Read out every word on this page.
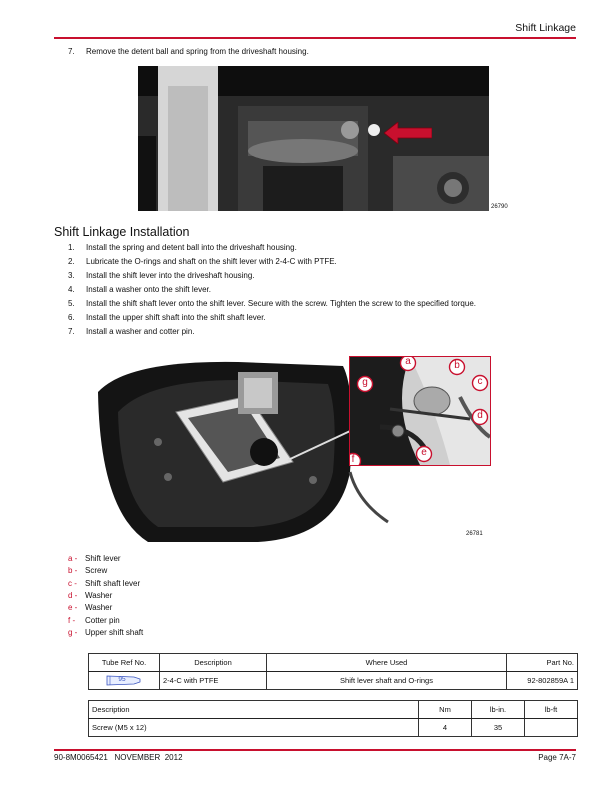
Shift Linkage
7. Remove the detent ball and spring from the driveshaft housing.
26790
Shift Linkage Installation
1. Install the spring and detent ball into the driveshaft housing.
2. Lubricate the O-rings and shaft on the shift lever with 2-4-C with PTFE.
3. Install the shift lever into the driveshaft housing.
4. Install a washer onto the shift lever.
5. Install the shift shaft lever onto the shift lever. Secure with the screw. Tighten the screw to the specified torque.
6. Install the upper shift shaft into the shift shaft lever.
7. Install a washer and cotter pin.
a	b
c
d
e
f
g
26781
a - Shift lever
b - Screw
c - Shift shaft lever
d - Washer
e - Washer
f - Cotter pin
g - Upper shift shaft
Tube Ref No.	Description	Where Used	Part No.

95	2-4-C with PTFE	Shift lever shaft and O-rings	92-802859A 1
Description	Nm	lb-in.	lb-ft
Screw (M5 x 12)	4	35	
90-8M0065421   NOVEMBER  2012	Page 7A-7
